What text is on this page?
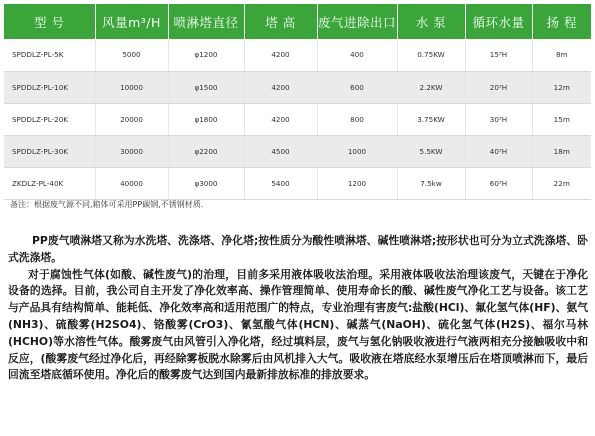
型 号	风量m³/H	喷淋塔直径	塔 高	废气进除出口	水 泵	循环水量	扬 程
SPDDLZ-PL-5K	5000	φ1200	4200	400	0.75KW	15³H	8m
SPDDLZ-PL-10K	10000	φ1500	4200	600	2.2KW	20³H	12m
SPDDLZ-PL-20K	20000	φ1800	4200	800	3.75KW	30³H	15m
SPDDLZ-PL-30K	30000	φ2200	4500	1000	5.5KW	40³H	18m
ZKDLZ-PL-40K	40000	φ3000	5400	1200	7.5kw	60³H	22m
备注：根据废气源不同,箱体可采用PP碳钢,不锈钢材质.

PP废气喷淋塔又称为水洗塔、洗涤塔、净化塔;按性质分为酸性喷淋塔、碱性喷淋塔;按形状也可分为立式洗涤塔、卧式洗涤塔。

对于腐蚀性气体(如酸、碱性废气)的治理，目前多采用液体吸收法治理。采用液体吸收法治理该废气，天键在于净化设备的选择。目前，我公司自主开发了净化效率高、操作管理简单、使用寿命长的酸、碱性废气净化工艺与设备。该工艺与产品具有结构简单、能耗低、净化效率高和适用范围广的特点，专业治理有害废气:盐酸(HCl)、氟化氢气体(HF)、氨气(NH3)、硫酸雾(H2SO4)、铬酸雾(CrO3)、氰氢酸气体(HCN)、碱蒸气(NaOH)、硫化氢气体(H2S)、福尔马林(HCHO)等水溶性气体。酸雾废气由风管引入净化塔，经过填料层，废气与氢化钠吸收液进行气液两相充分接触吸收中和反应，(酸雾废气经过净化后，再经除雾板脱水除雾后由风机排入大气。吸收液在塔底经水泵增压后在塔顶喷淋而下，最后回流至塔底循环使用。净化后的酸雾废气达到国内最新排放标准的排放要求。
